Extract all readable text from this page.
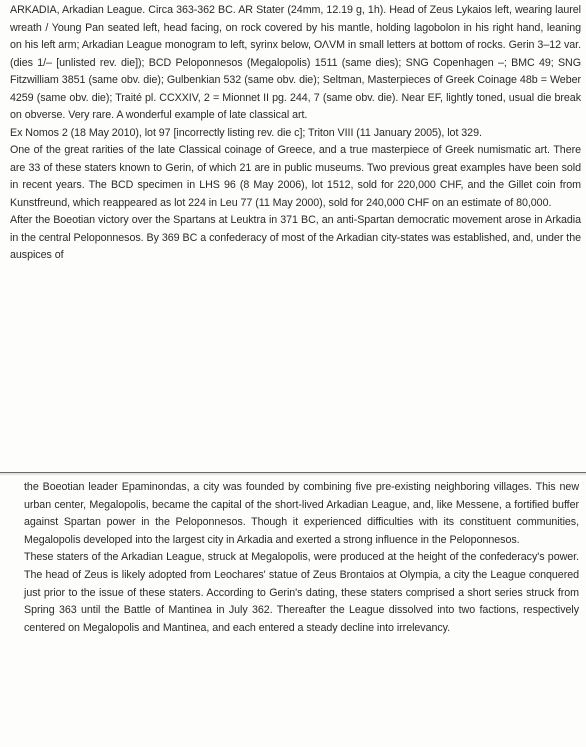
ARKADIA, Arkadian League. Circa 363-362 BC. AR Stater (24mm, 12.19 g, 1h). Head of Zeus Lykaios left, wearing laurel wreath / Young Pan seated left, head facing, on rock covered by his mantle, holding lagobolon in his right hand, leaning on his left arm; Arkadian League monogram to left, syrinx below, ΟΛVΜ in small letters at bottom of rocks. Gerin 3–12 var. (dies 1/– [unlisted rev. die]); BCD Peloponnesos (Megalopolis) 1511 (same dies); SNG Copenhagen –; BMC 49; SNG Fitzwilliam 3851 (same obv. die); Gulbenkian 532 (same obv. die); Seltman, Masterpieces of Greek Coinage 48b = Weber 4259 (same obv. die); Traité pl. CCXXIV, 2 = Mionnet II pg. 244, 7 (same obv. die). Near EF, lightly toned, usual die break on obverse. Very rare. A wonderful example of late classical art.

Ex Nomos 2 (18 May 2010), lot 97 [incorrectly listing rev. die c]; Triton VIII (11 January 2005), lot 329.

One of the great rarities of the late Classical coinage of Greece, and a true masterpiece of Greek numismatic art. There are 33 of these staters known to Gerin, of which 21 are in public museums. Two previous great examples have been sold in recent years. The BCD specimen in LHS 96 (8 May 2006), lot 1512, sold for 220,000 CHF, and the Gillet coin from Kunstfreund, which reappeared as lot 224 in Leu 77 (11 May 2000), sold for 240,000 CHF on an estimate of 80,000.

After the Boeotian victory over the Spartans at Leuktra in 371 BC, an anti-Spartan democratic movement arose in Arkadia in the central Peloponnesos. By 369 BC a confederacy of most of the Arkadian city-states was established, and, under the auspices of

the Boeotian leader Epaminondas, a city was founded by combining five pre-existing neighboring villages. This new urban center, Megalopolis, became the capital of the short-lived Arkadian League, and, like Messene, a fortified buffer against Spartan power in the Peloponnesos. Though it experienced difficulties with its constituent communities, Megalopolis developed into the largest city in Arkadia and exerted a strong influence in the Peloponnesos.

These staters of the Arkadian League, struck at Megalopolis, were produced at the height of the confederacy's power. The head of Zeus is likely adopted from Leochares' statue of Zeus Brontaios at Olympia, a city the League conquered just prior to the issue of these staters. According to Gerin's dating, these staters comprised a short series struck from Spring 363 until the Battle of Mantinea in July 362. Thereafter the League dissolved into two factions, respectively centered on Megalopolis and Mantinea, and each entered a steady decline into irrelevancy.
